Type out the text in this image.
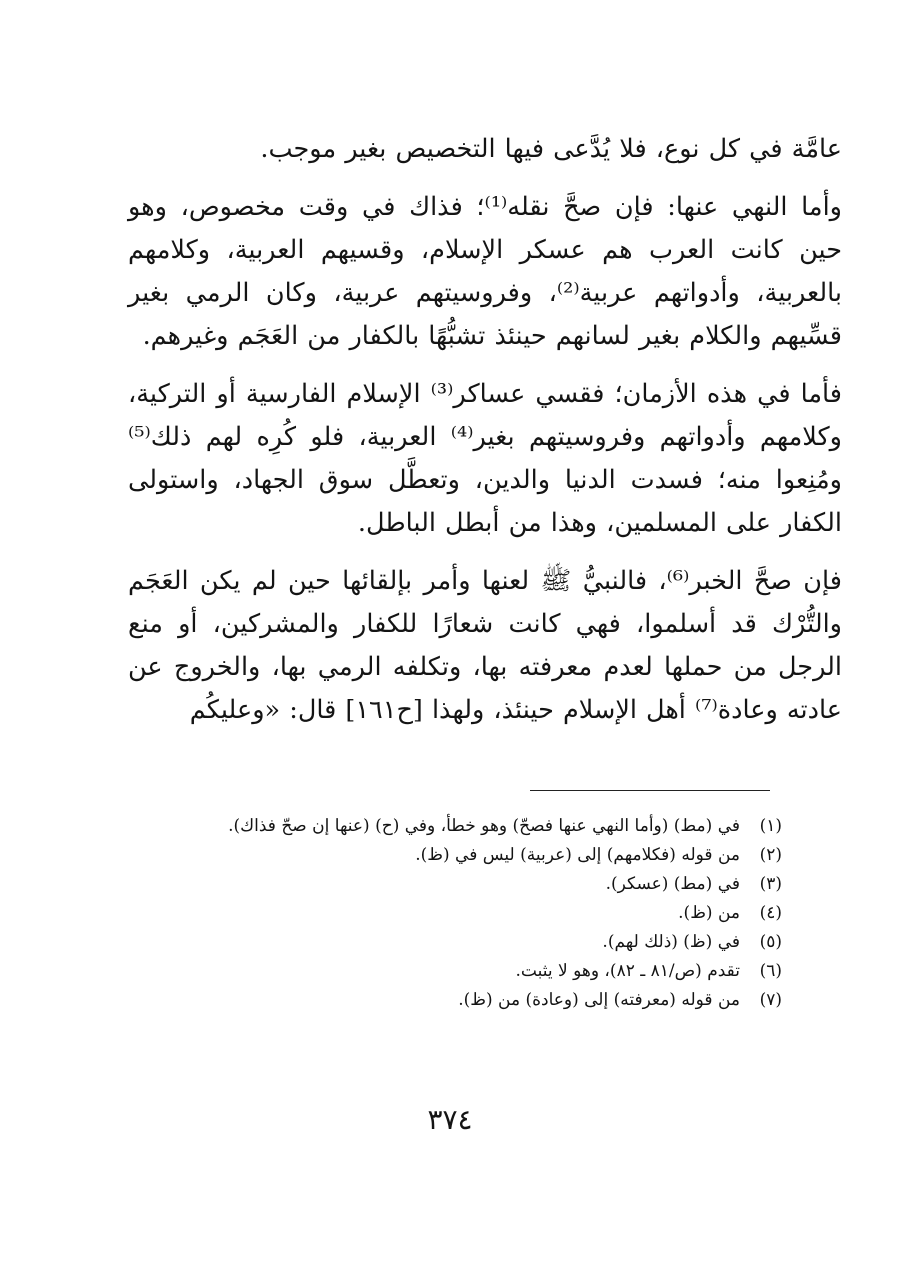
عامَّة في كل نوع، فلا يُدَّعى فيها التخصيص بغير موجب.

وأما النهي عنها: فإن صحَّ نقله⁽¹⁾؛ فذاك في وقت مخصوص، وهو حين كانت العرب هم عسكر الإسلام، وقسيهم العربية، وكلامهم بالعربية، وأدواتهم عربية⁽²⁾، وفروسيتهم عربية، وكان الرمي بغير قسِّيهم والكلام بغير لسانهم حينئذ تشبُّهًا بالكفار من العَجَم وغيرهم.

فأما في هذه الأزمان؛ فقسي عساكر⁽³⁾ الإسلام الفارسية أو التركية، وكلامهم وأدواتهم وفروسيتهم بغير⁽⁴⁾ العربية، فلو كُرِه لهم ذلك⁽⁵⁾ ومُنِعوا منه؛ فسدت الدنيا والدين، وتعطَّل سوق الجهاد، واستولى الكفار على المسلمين، وهذا من أبطل الباطل.

فإن صحَّ الخبر⁽⁶⁾، فالنبيُّ ﷺ لعنها وأمر بإلقائها حين لم يكن العَجَم والتُّرْك قد أسلموا، فهي كانت شعارًا للكفار والمشركين، أو منع الرجل من حملها لعدم معرفته بها، وتكلفه الرمي بها، والخروج عن عادته وعادة⁽⁷⁾ أهل الإسلام حينئذ، ولهذا [ح١٦١] قال: «وعليكُم

(١)
في (مط) (وأما النهي عنها فصحّ) وهو خطأ، وفي (ح) (عنها إن صحّ فذاك).
(٢)
من قوله (فكلامهم) إلى (عربية) ليس في (ظ).
(٣)
في (مط) (عسكر).
(٤)
من (ظ).
(٥)
في (ظ) (ذلك لهم).
(٦)
تقدم (ص/٨١ ـ ٨٢)، وهو لا يثبت.
(٧)
من قوله (معرفته) إلى (وعادة) من (ظ).
٣٧٤
